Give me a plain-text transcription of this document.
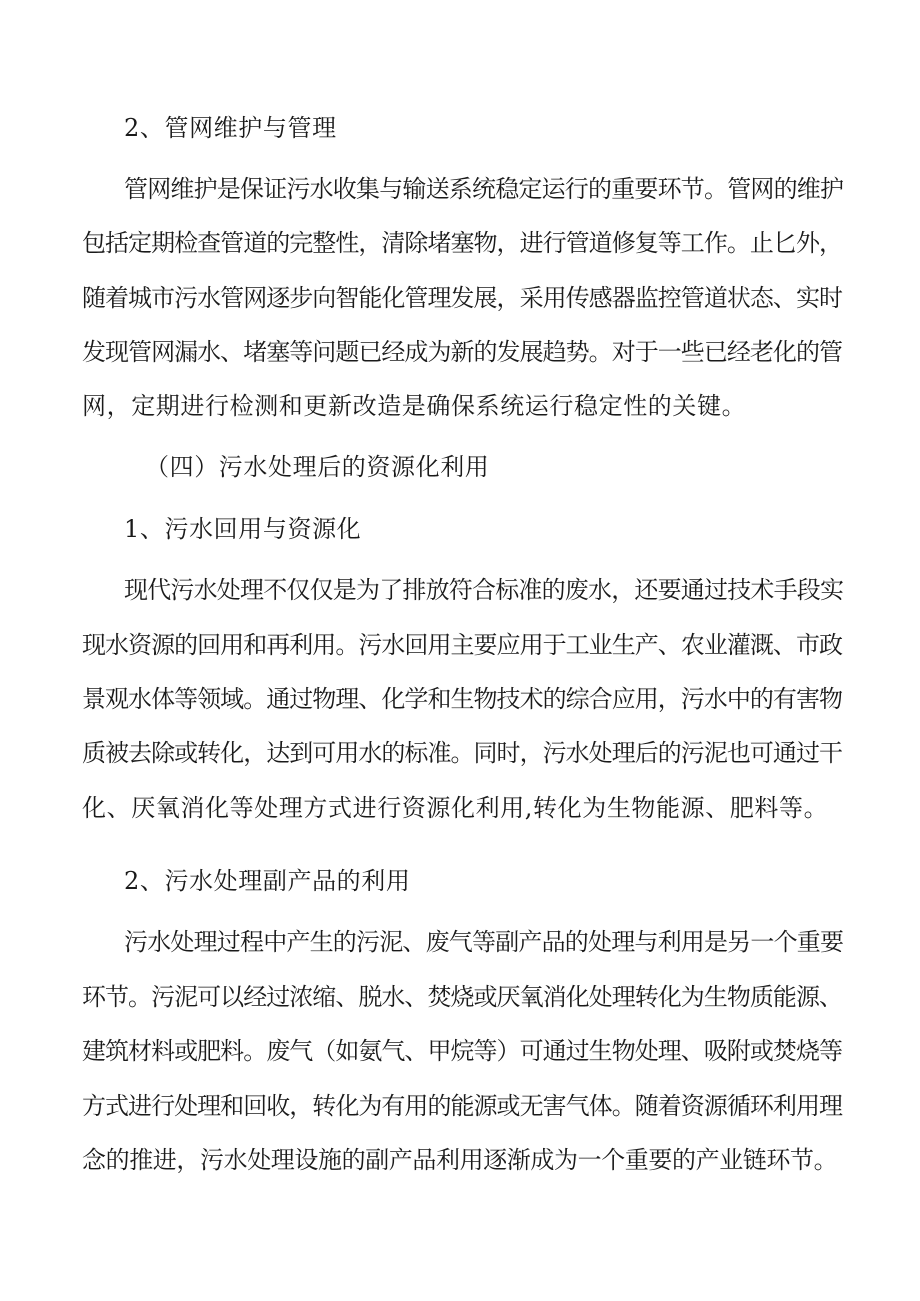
2、管网维护与管理
管网维护是保证污水收集与输送系统稳定运行的重要环节。管网的维护
包括定期检查管道的完整性，清除堵塞物，进行管道修复等工作。止匕外，
随着城市污水管网逐步向智能化管理发展，采用传感器监控管道状态、实时
发现管网漏水、堵塞等问题已经成为新的发展趋势。对于一些已经老化的管
网，定期进行检测和更新改造是确保系统运行稳定性的关键。
（四）污水处理后的资源化利用
1、污水回用与资源化
现代污水处理不仅仅是为了排放符合标准的废水，还要通过技术手段实
现水资源的回用和再利用。污水回用主要应用于工业生产、农业灌溉、市政
景观水体等领域。通过物理、化学和生物技术的综合应用，污水中的有害物
质被去除或转化，达到可用水的标准。同时，污水处理后的污泥也可通过干
化、厌氧消化等处理方式进行资源化利用,转化为生物能源、肥料等。
2、污水处理副产品的利用
污水处理过程中产生的污泥、废气等副产品的处理与利用是另一个重要
环节。污泥可以经过浓缩、脱水、焚烧或厌氧消化处理转化为生物质能源、
建筑材料或肥料。废气（如氨气、甲烷等）可通过生物处理、吸附或焚烧等
方式进行处理和回收，转化为有用的能源或无害气体。随着资源循环利用理
念的推进，污水处理设施的副产品利用逐渐成为一个重要的产业链环节。
